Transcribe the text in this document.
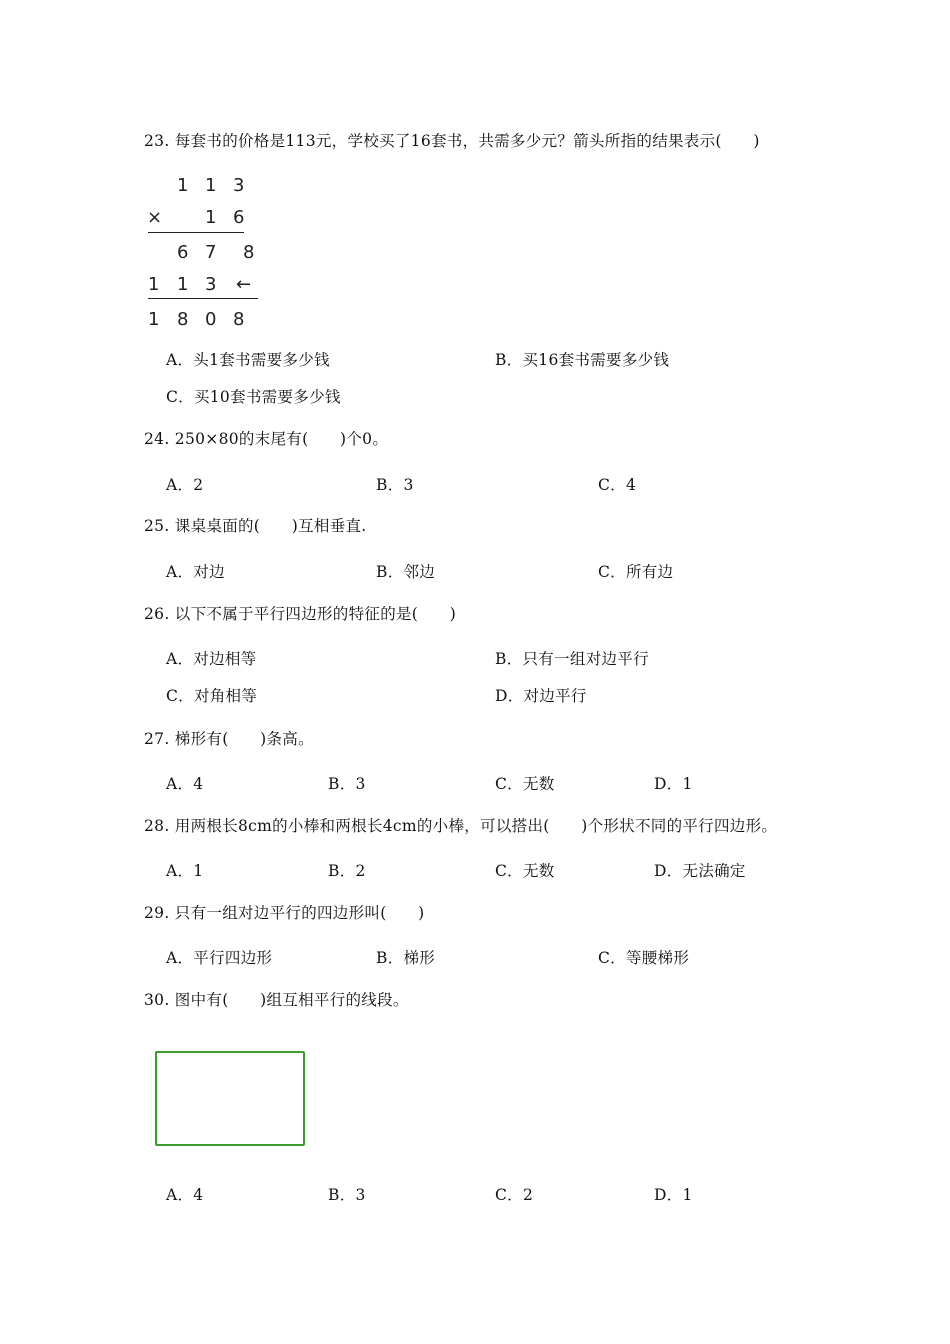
23. 每套书的价格是113元，学校买了16套书，共需多少元？箭头所指的结果表示(　　)
1 1 3
× 1 6
6 7 8
1 1 3 ←
1 8 0 8
A．头1套书需要多少钱	B．买16套书需要多少钱
C．买10套书需要多少钱
24. 250×80的末尾有(　　)个0。
A．2	B．3	C．4
25. 课桌桌面的(　　)互相垂直.
A．对边	B．邻边	C．所有边
26. 以下不属于平行四边形的特征的是(　　)
A．对边相等	B．只有一组对边平行
C．对角相等	D．对边平行
27. 梯形有(　　)条高。
A．4	B．3	C．无数	D．1
28. 用两根长8cm的小棒和两根长4cm的小棒，可以搭出(　　)个形状不同的平行四边形。
A．1	B．2	C．无数	D．无法确定
29. 只有一组对边平行的四边形叫(　　)
A．平行四边形	B．梯形	C．等腰梯形
30. 图中有(　　)组互相平行的线段。
A．4	B．3	C．2	D．1
